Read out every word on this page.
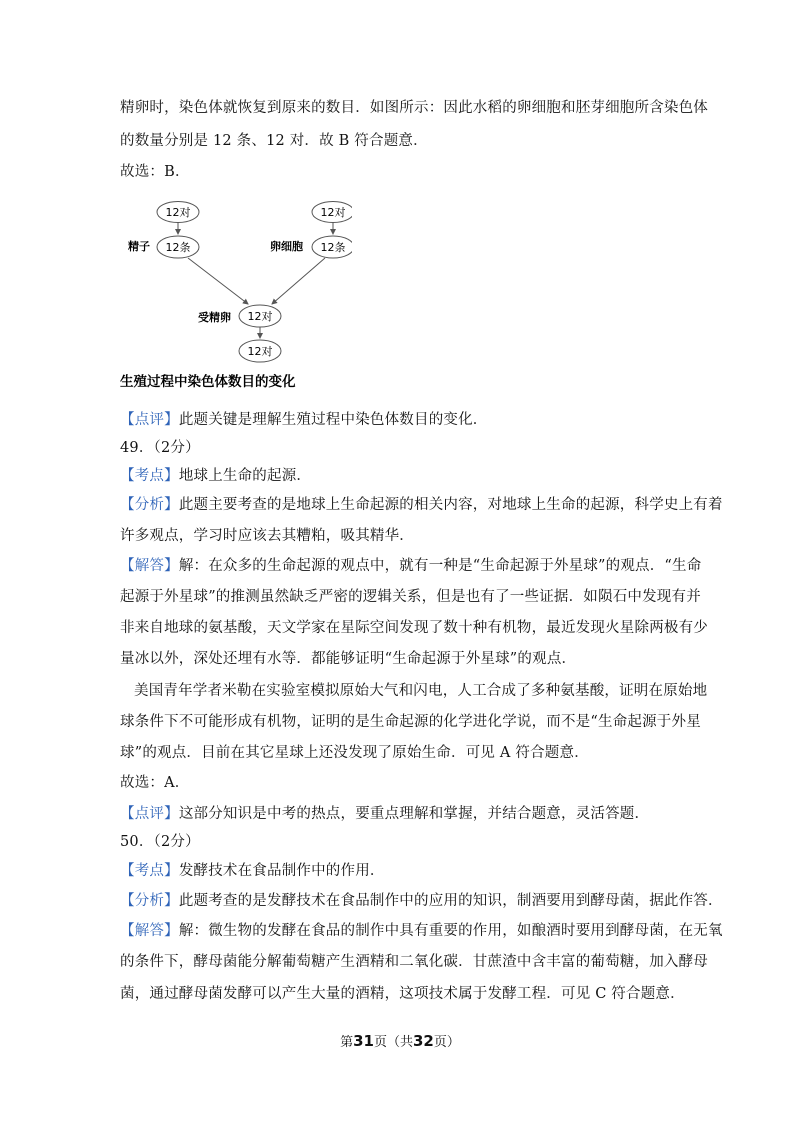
精卵时，染色体就恢复到原来的数目．如图所示：因此水稻的卵细胞和胚芽细胞所含染色体
的数量分别是 12 条、12 对．故 B 符合题意．
故选：B．
12对	12对
精子 12条	卵细胞 12条
受精卵 12对
12对
生殖过程中染色体数目的变化
【点评】此题关键是理解生殖过程中染色体数目的变化．
49．（2分）
【考点】地球上生命的起源．
【分析】此题主要考查的是地球上生命起源的相关内容，对地球上生命的起源，科学史上有着
许多观点，学习时应该去其糟粕，吸其精华．
【解答】解：在众多的生命起源的观点中，就有一种是“生命起源于外星球”的观点．“生命
起源于外星球”的推测虽然缺乏严密的逻辑关系，但是也有了一些证据．如陨石中发现有并
非来自地球的氨基酸，天文学家在星际空间发现了数十种有机物，最近发现火星除两极有少
量冰以外，深处还埋有水等．都能够证明“生命起源于外星球”的观点．
美国青年学者米勒在实验室模拟原始大气和闪电，人工合成了多种氨基酸，证明在原始地
球条件下不可能形成有机物，证明的是生命起源的化学进化学说，而不是“生命起源于外星
球”的观点．目前在其它星球上还没发现了原始生命．可见 A 符合题意．
故选：A．
【点评】这部分知识是中考的热点，要重点理解和掌握，并结合题意，灵活答题．
50．（2分）
【考点】发酵技术在食品制作中的作用．
【分析】此题考查的是发酵技术在食品制作中的应用的知识，制酒要用到酵母菌，据此作答．
【解答】解：微生物的发酵在食品的制作中具有重要的作用，如酿酒时要用到酵母菌，在无氧
的条件下，酵母菌能分解葡萄糖产生酒精和二氧化碳．甘蔗渣中含丰富的葡萄糖，加入酵母
菌，通过酵母菌发酵可以产生大量的酒精，这项技术属于发酵工程．可见 C 符合题意．
第31页（共32页）
